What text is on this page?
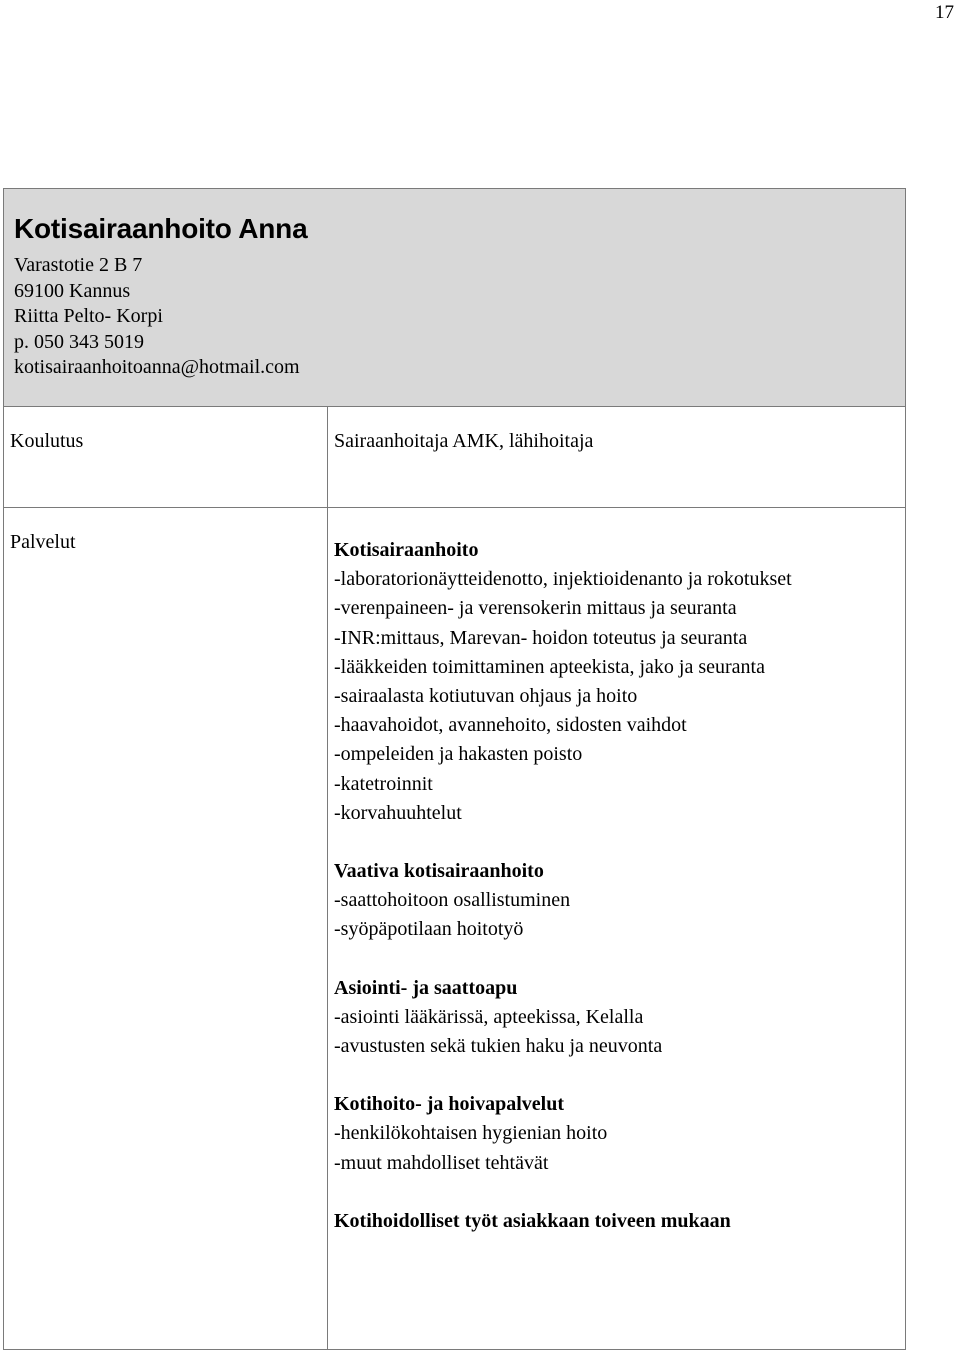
17
Kotisairaanhoito Anna
Varastotie 2 B 7
69100 Kannus
Riitta Pelto- Korpi
p. 050 343 5019
kotisairaanhoitoanna@hotmail.com
Koulutus	Sairaanhoitaja AMK, lähihoitaja
Palvelut	Kotisairaanhoito
-laboratorionäytteidenotto, injektioidenanto ja rokotukset
-verenpaineen- ja verensokerin mittaus ja seuranta
-INR:mittaus, Marevan- hoidon toteutus ja seuranta
-lääkkeiden toimittaminen apteekista, jako ja seuranta
-sairaalasta kotiutuvan ohjaus ja hoito
-haavahoidot, avannehoito, sidosten vaihdot
-ompeleiden ja hakasten poisto
-katetroinnit
-korvahuuhtelut
Vaativa kotisairaanhoito
-saattohoitoon osallistuminen
-syöpäpotilaan hoitotyö
Asiointi- ja saattoapu
-asiointi lääkärissä, apteekissa, Kelalla
-avustusten sekä tukien haku ja neuvonta
Kotihoito- ja hoivapalvelut
-henkilökohtaisen hygienian hoito
-muut mahdolliset tehtävät
Kotihoidolliset työt asiakkaan toiveen mukaan
